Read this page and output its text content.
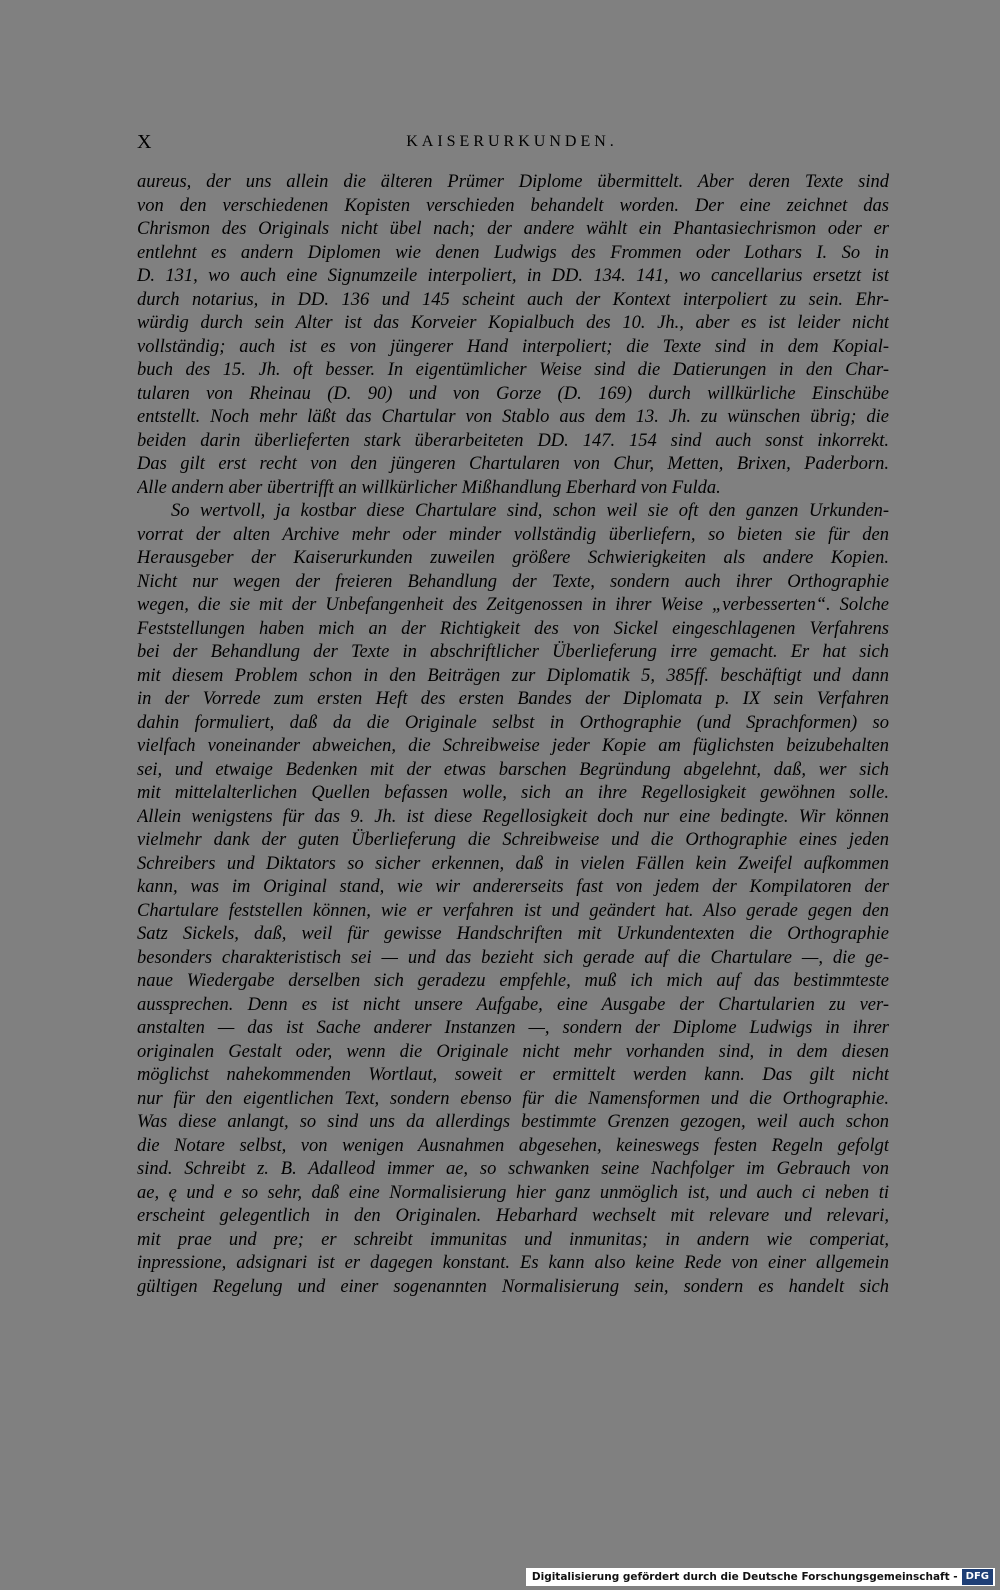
X	KAISERURKUNDEN.
aureus, der uns allein die älteren Prümer Diplome übermittelt. Aber deren Texte sind
von den verschiedenen Kopisten verschieden behandelt worden. Der eine zeichnet das
Chrismon des Originals nicht übel nach; der andere wählt ein Phantasiechrismon oder er
entlehnt es andern Diplomen wie denen Ludwigs des Frommen oder Lothars I. So in
D. 131, wo auch eine Signumzeile interpoliert, in DD. 134. 141, wo cancellarius ersetzt ist
durch notarius, in DD. 136 und 145 scheint auch der Kontext interpoliert zu sein. Ehr-
würdig durch sein Alter ist das Korveier Kopialbuch des 10. Jh., aber es ist leider nicht
vollständig; auch ist es von jüngerer Hand interpoliert; die Texte sind in dem Kopial-
buch des 15. Jh. oft besser. In eigentümlicher Weise sind die Datierungen in den Char-
tularen von Rheinau (D. 90) und von Gorze (D. 169) durch willkürliche Einschübe
entstellt. Noch mehr läßt das Chartular von Stablo aus dem 13. Jh. zu wünschen übrig; die
beiden darin überlieferten stark überarbeiteten DD. 147. 154 sind auch sonst inkorrekt.
Das gilt erst recht von den jüngeren Chartularen von Chur, Metten, Brixen, Paderborn.
Alle andern aber übertrifft an willkürlicher Mißhandlung Eberhard von Fulda.
So wertvoll, ja kostbar diese Chartulare sind, schon weil sie oft den ganzen Urkunden-
vorrat der alten Archive mehr oder minder vollständig überliefern, so bieten sie für den
Herausgeber der Kaiserurkunden zuweilen größere Schwierigkeiten als andere Kopien.
Nicht nur wegen der freieren Behandlung der Texte, sondern auch ihrer Orthographie
wegen, die sie mit der Unbefangenheit des Zeitgenossen in ihrer Weise „verbesserten“. Solche
Feststellungen haben mich an der Richtigkeit des von Sickel eingeschlagenen Verfahrens
bei der Behandlung der Texte in abschriftlicher Überlieferung irre gemacht. Er hat sich
mit diesem Problem schon in den Beiträgen zur Diplomatik 5, 385ff. beschäftigt und dann
in der Vorrede zum ersten Heft des ersten Bandes der Diplomata p. IX sein Verfahren
dahin formuliert, daß da die Originale selbst in Orthographie (und Sprachformen) so
vielfach voneinander abweichen, die Schreibweise jeder Kopie am füglichsten beizubehalten
sei, und etwaige Bedenken mit der etwas barschen Begründung abgelehnt, daß, wer sich
mit mittelalterlichen Quellen befassen wolle, sich an ihre Regellosigkeit gewöhnen solle.
Allein wenigstens für das 9. Jh. ist diese Regellosigkeit doch nur eine bedingte. Wir können
vielmehr dank der guten Überlieferung die Schreibweise und die Orthographie eines jeden
Schreibers und Diktators so sicher erkennen, daß in vielen Fällen kein Zweifel aufkommen
kann, was im Original stand, wie wir andererseits fast von jedem der Kompilatoren der
Chartulare feststellen können, wie er verfahren ist und geändert hat. Also gerade gegen den
Satz Sickels, daß, weil für gewisse Handschriften mit Urkundentexten die Orthographie
besonders charakteristisch sei — und das bezieht sich gerade auf die Chartulare —, die ge-
naue Wiedergabe derselben sich geradezu empfehle, muß ich mich auf das bestimmteste
aussprechen. Denn es ist nicht unsere Aufgabe, eine Ausgabe der Chartularien zu ver-
anstalten — das ist Sache anderer Instanzen —, sondern der Diplome Ludwigs in ihrer
originalen Gestalt oder, wenn die Originale nicht mehr vorhanden sind, in dem diesen
möglichst nahekommenden Wortlaut, soweit er ermittelt werden kann. Das gilt nicht
nur für den eigentlichen Text, sondern ebenso für die Namensformen und die Orthographie.
Was diese anlangt, so sind uns da allerdings bestimmte Grenzen gezogen, weil auch schon
die Notare selbst, von wenigen Ausnahmen abgesehen, keineswegs festen Regeln gefolgt
sind. Schreibt z. B. Adalleod immer ae, so schwanken seine Nachfolger im Gebrauch von
ae, ę und e so sehr, daß eine Normalisierung hier ganz unmöglich ist, und auch ci neben ti
erscheint gelegentlich in den Originalen. Hebarhard wechselt mit relevare und relevari,
mit prae und pre; er schreibt immunitas und inmunitas; in andern wie comperiat,
inpressione, adsignari ist er dagegen konstant. Es kann also keine Rede von einer allgemein
gültigen Regelung und einer sogenannten Normalisierung sein, sondern es handelt sich
Digitalisierung gefördert durch die Deutsche Forschungsgemeinschaft - DFG
